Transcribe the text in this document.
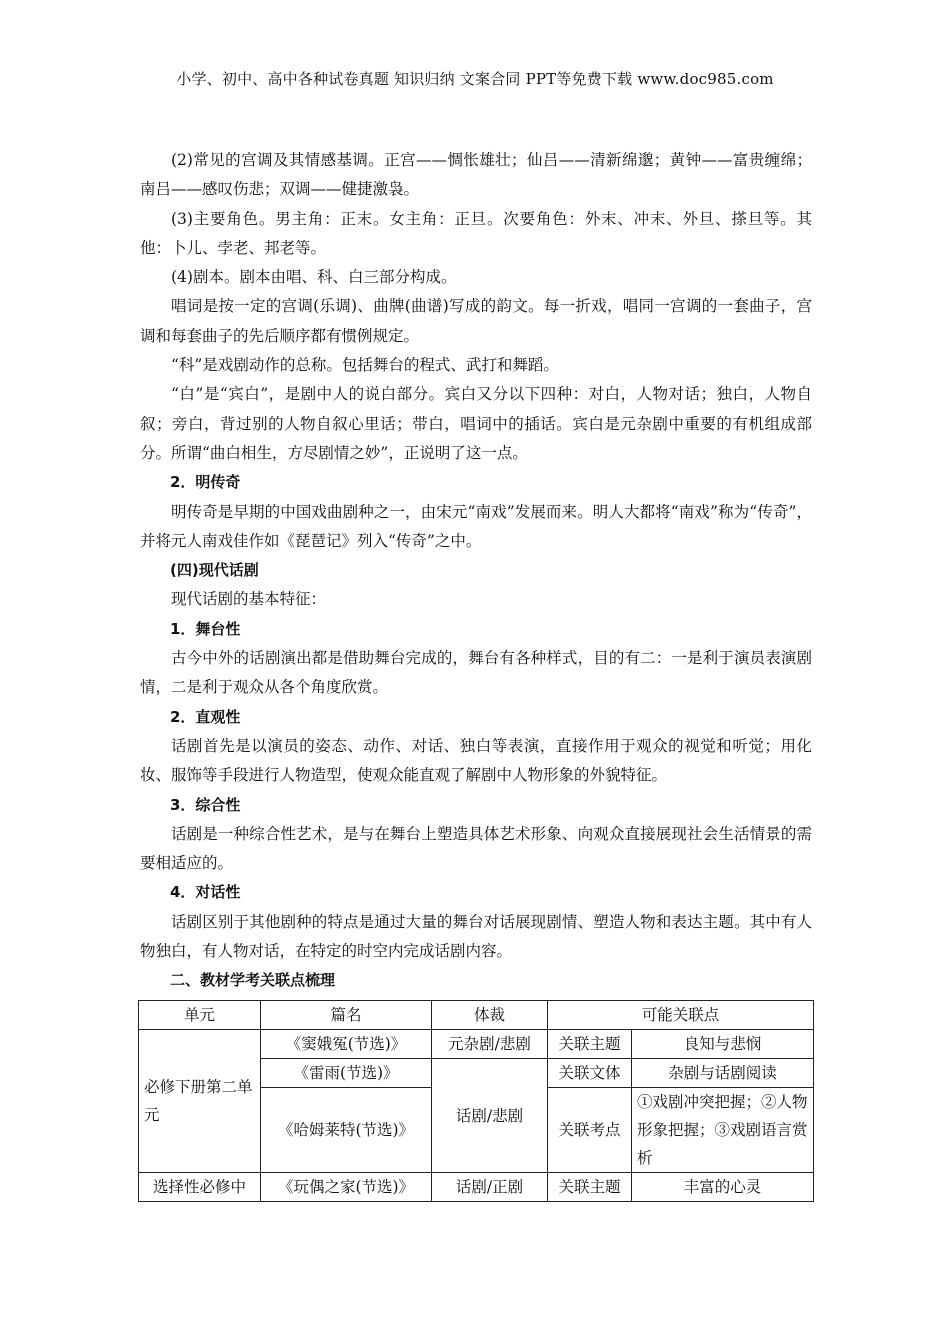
小学、初中、高中各种试卷真题 知识归纳 文案合同 PPT等免费下载 www.doc985.com

(2)常见的宫调及其情感基调。正宫——惆怅雄壮；仙吕——清新绵邈；黄钟——富贵缠绵；南吕——感叹伤悲；双调——健捷激袅。

(3)主要角色。男主角：正末。女主角：正旦。次要角色：外末、冲末、外旦、搽旦等。其他：卜儿、孛老、邦老等。

(4)剧本。剧本由唱、科、白三部分构成。

唱词是按一定的宫调(乐调)、曲牌(曲谱)写成的韵文。每一折戏，唱同一宫调的一套曲子，宫调和每套曲子的先后顺序都有惯例规定。

“科”是戏剧动作的总称。包括舞台的程式、武打和舞蹈。

“白”是“宾白”，是剧中人的说白部分。宾白又分以下四种：对白，人物对话；独白，人物自叙；旁白，背过别的人物自叙心里话；带白，唱词中的插话。宾白是元杂剧中重要的有机组成部分。所谓“曲白相生，方尽剧情之妙”，正说明了这一点。

2．明传奇

明传奇是早期的中国戏曲剧种之一，由宋元“南戏”发展而来。明人大都将“南戏”称为“传奇”，并将元人南戏佳作如《琵琶记》列入“传奇”之中。

(四)现代话剧

现代话剧的基本特征：

1．舞台性

古今中外的话剧演出都是借助舞台完成的，舞台有各种样式，目的有二：一是利于演员表演剧情，二是利于观众从各个角度欣赏。

2．直观性

话剧首先是以演员的姿态、动作、对话、独白等表演，直接作用于观众的视觉和听觉；用化妆、服饰等手段进行人物造型，使观众能直观了解剧中人物形象的外貌特征。

3．综合性

话剧是一种综合性艺术，是与在舞台上塑造具体艺术形象、向观众直接展现社会生活情景的需要相适应的。

4．对话性

话剧区别于其他剧种的特点是通过大量的舞台对话展现剧情、塑造人物和表达主题。其中有人物独白，有人物对话，在特定的时空内完成话剧内容。

二、教材学考关联点梳理

单元	篇名	体裁	可能关联点	
必修下册第二单元	《窦娥冤(节选)》	元杂剧/悲剧	关联主题	良知与悲悯
	《雷雨(节选)》	话剧/悲剧	关联文体	杂剧与话剧阅读
	《哈姆莱特(节选)》		关联考点	①戏剧冲突把握；②人物形象把握；③戏剧语言赏析
选择性必修中	《玩偶之家(节选)》	话剧/正剧	关联主题	丰富的心灵
